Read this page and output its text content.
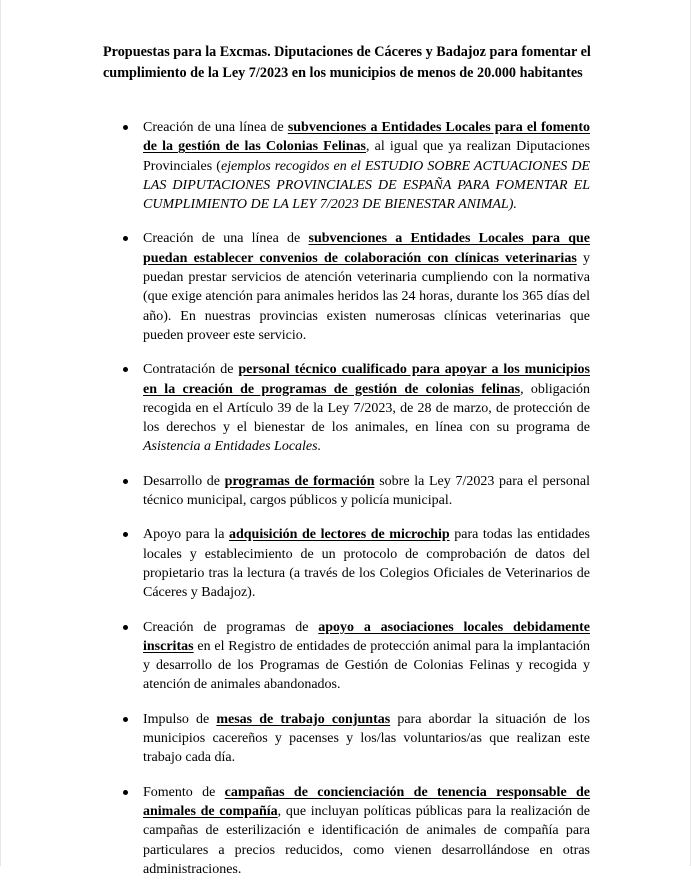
Propuestas para la Excmas. Diputaciones de Cáceres y Badajoz para fomentar el cumplimiento de la Ley 7/2023 en los municipios de menos de 20.000 habitantes
Creación de una línea de subvenciones a Entidades Locales para el fomento de la gestión de las Colonias Felinas, al igual que ya realizan Diputaciones Provinciales (ejemplos recogidos en el ESTUDIO SOBRE ACTUACIONES DE LAS DIPUTACIONES PROVINCIALES DE ESPAÑA PARA FOMENTAR EL CUMPLIMIENTO DE LA LEY 7/2023 DE BIENESTAR ANIMAL).
Creación de una línea de subvenciones a Entidades Locales para que puedan establecer convenios de colaboración con clínicas veterinarias y puedan prestar servicios de atención veterinaria cumpliendo con la normativa (que exige atención para animales heridos las 24 horas, durante los 365 días del año). En nuestras provincias existen numerosas clínicas veterinarias que pueden proveer este servicio.
Contratación de personal técnico cualificado para apoyar a los municipios en la creación de programas de gestión de colonias felinas, obligación recogida en el Artículo 39 de la Ley 7/2023, de 28 de marzo, de protección de los derechos y el bienestar de los animales, en línea con su programa de Asistencia a Entidades Locales.
Desarrollo de programas de formación sobre la Ley 7/2023 para el personal técnico municipal, cargos públicos y policía municipal.
Apoyo para la adquisición de lectores de microchip para todas las entidades locales y establecimiento de un protocolo de comprobación de datos del propietario tras la lectura (a través de los Colegios Oficiales de Veterinarios de Cáceres y Badajoz).
Creación de programas de apoyo a asociaciones locales debidamente inscritas en el Registro de entidades de protección animal para la implantación y desarrollo de los Programas de Gestión de Colonias Felinas y recogida y atención de animales abandonados.
Impulso de mesas de trabajo conjuntas para abordar la situación de los municipios cacereños y pacenses y los/las voluntarios/as que realizan este trabajo cada día.
Fomento de campañas de concienciación de tenencia responsable de animales de compañía, que incluyan políticas públicas para la realización de campañas de esterilización e identificación de animales de compañía para particulares a precios reducidos, como vienen desarrollándose en otras administraciones.
